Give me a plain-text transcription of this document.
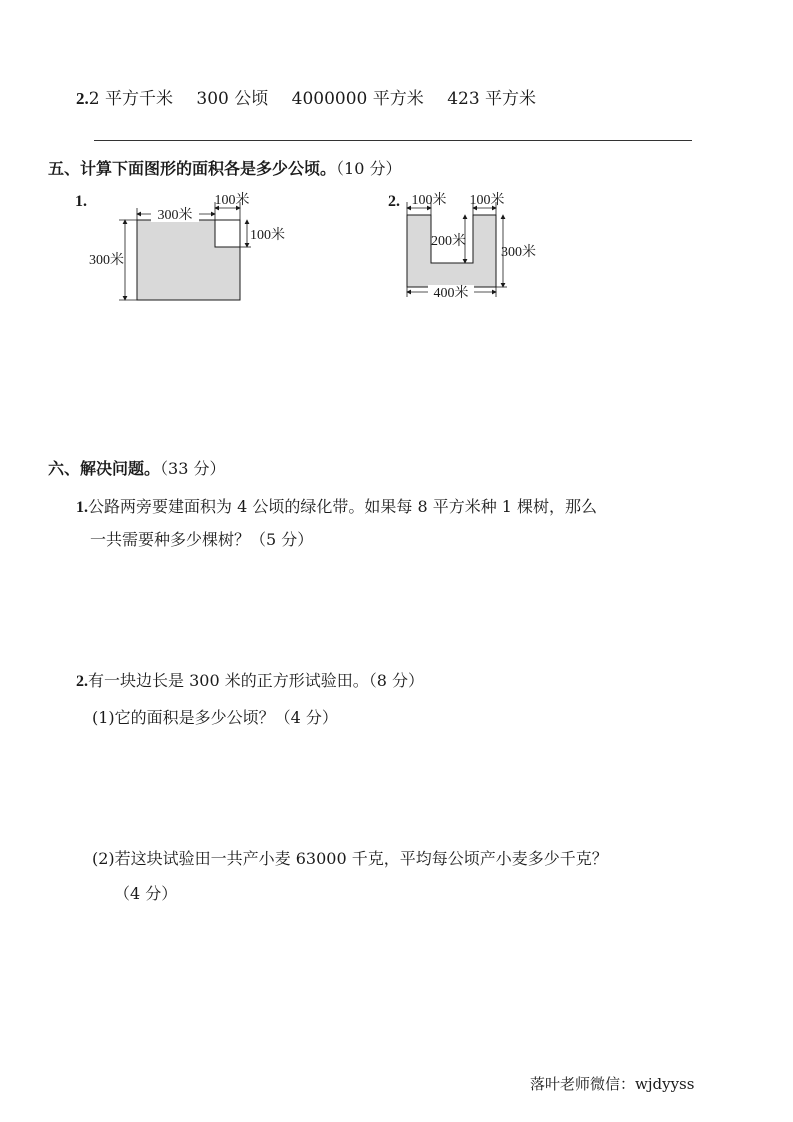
2.2 平方千米 300 公顷 4000000 平方米 423 平方米
五、计算下面图形的面积各是多少公顷。（10 分）
1.
300米
100米
100米
300米
2. 100米 100米
200米
300米
400米
六、解决问题。（33 分）
1.公路两旁要建面积为 4 公顷的绿化带。如果每 8 平方米种 1 棵树，那么
一共需要种多少棵树？（5 分）
2.有一块边长是 300 米的正方形试验田。（8 分）
(1)它的面积是多少公顷？（4 分）
(2)若这块试验田一共产小麦 63000 千克，平均每公顷产小麦多少千克？
（4 分）
落叶老师微信：wjdyyss
